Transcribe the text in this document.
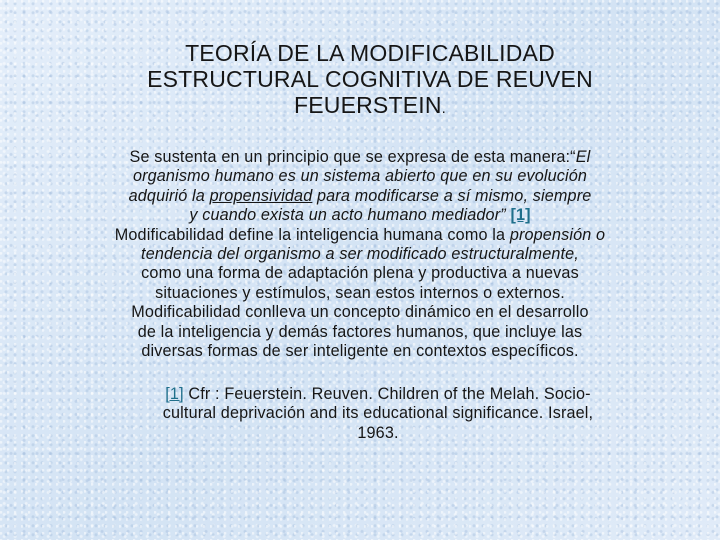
TEORÍA DE LA MODIFICABILIDAD
ESTRUCTURAL COGNITIVA DE REUVEN
FEUERSTEIN.

Se sustenta en un principio que se expresa de esta manera:“El
organismo humano es un sistema abierto que en su evolución
adquirió la propensividad para modificarse a sí mismo, siempre
y cuando exista un acto humano mediador” [1]

Modificabilidad define la inteligencia humana como la propensión o
tendencia del organismo a ser modificado estructuralmente,
como una forma de adaptación plena y productiva a nuevas
situaciones y estímulos, sean estos internos o externos.
Modificabilidad conlleva un concepto dinámico en el desarrollo
de la inteligencia y demás factores humanos, que incluye las
diversas formas de ser inteligente en contextos específicos.

[1] Cfr : Feuerstein. Reuven. Children of the Melah. Socio-
cultural deprivación and its educational significance. Israel,
1963.
